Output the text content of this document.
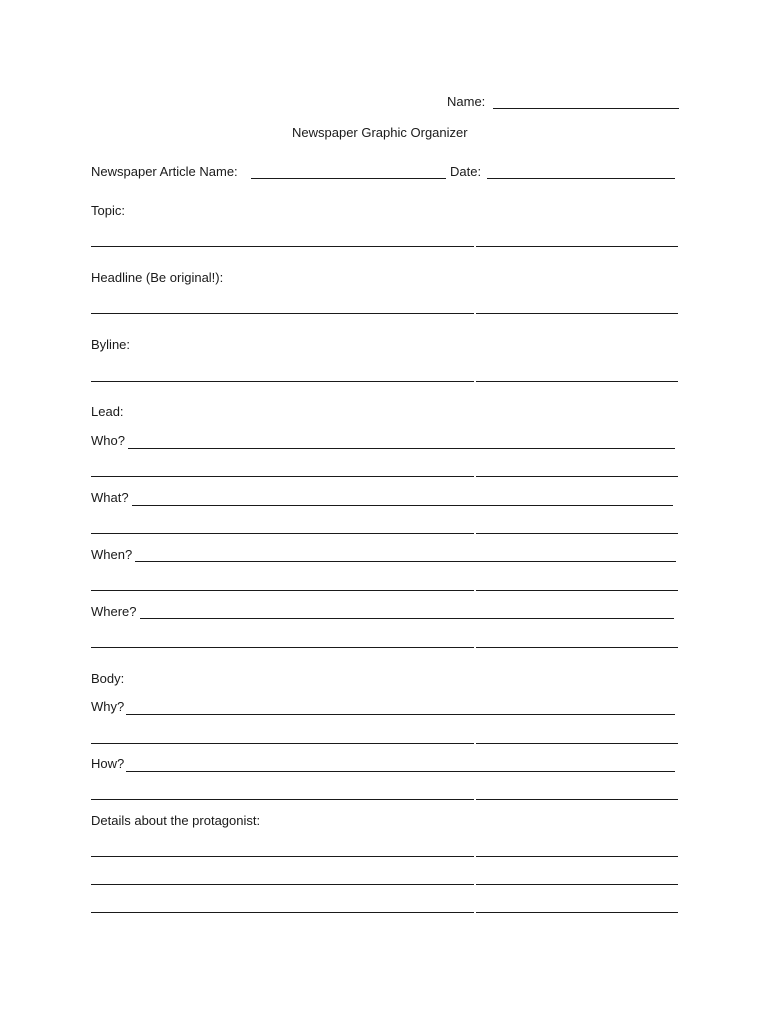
Name:
Newspaper Graphic Organizer
Newspaper Article Name:	Date:
Topic:
Headline (Be original!):
Byline:
Lead:
Who?
What?
When?
Where?
Body:
Why?
How?
Details about the protagonist:
